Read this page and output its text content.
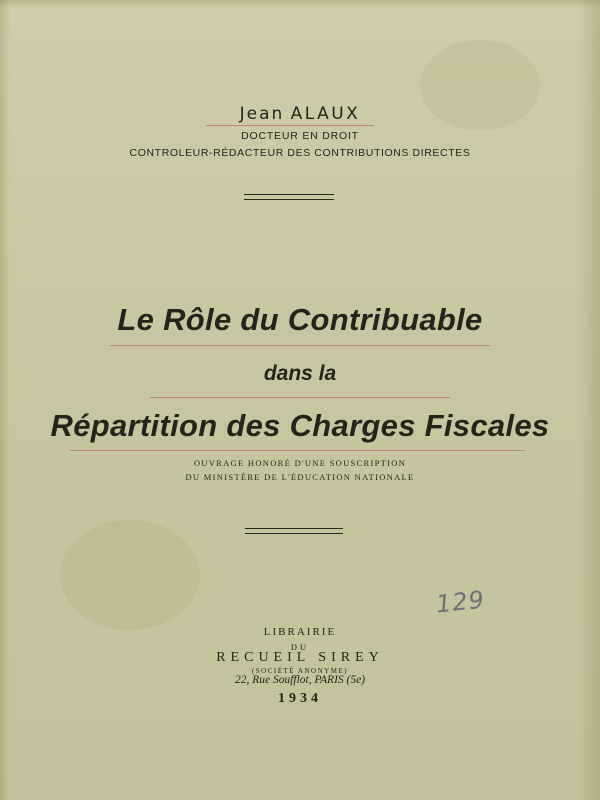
Jean ALAUX
DOCTEUR EN DROIT
CONTROLEUR-RÉDACTEUR DES CONTRIBUTIONS DIRECTES
Le Rôle du Contribuable
dans la
Répartition des Charges Fiscales
OUVRAGE HONORÉ D'UNE SOUSCRIPTION
DU MINISTÈRE DE L'ÉDUCATION NATIONALE
129
LIBRAIRIE
DU
RECUEIL SIREY
(SOCIÉTÉ ANONYME)
22, Rue Soufflot, PARIS (5e)
1934
